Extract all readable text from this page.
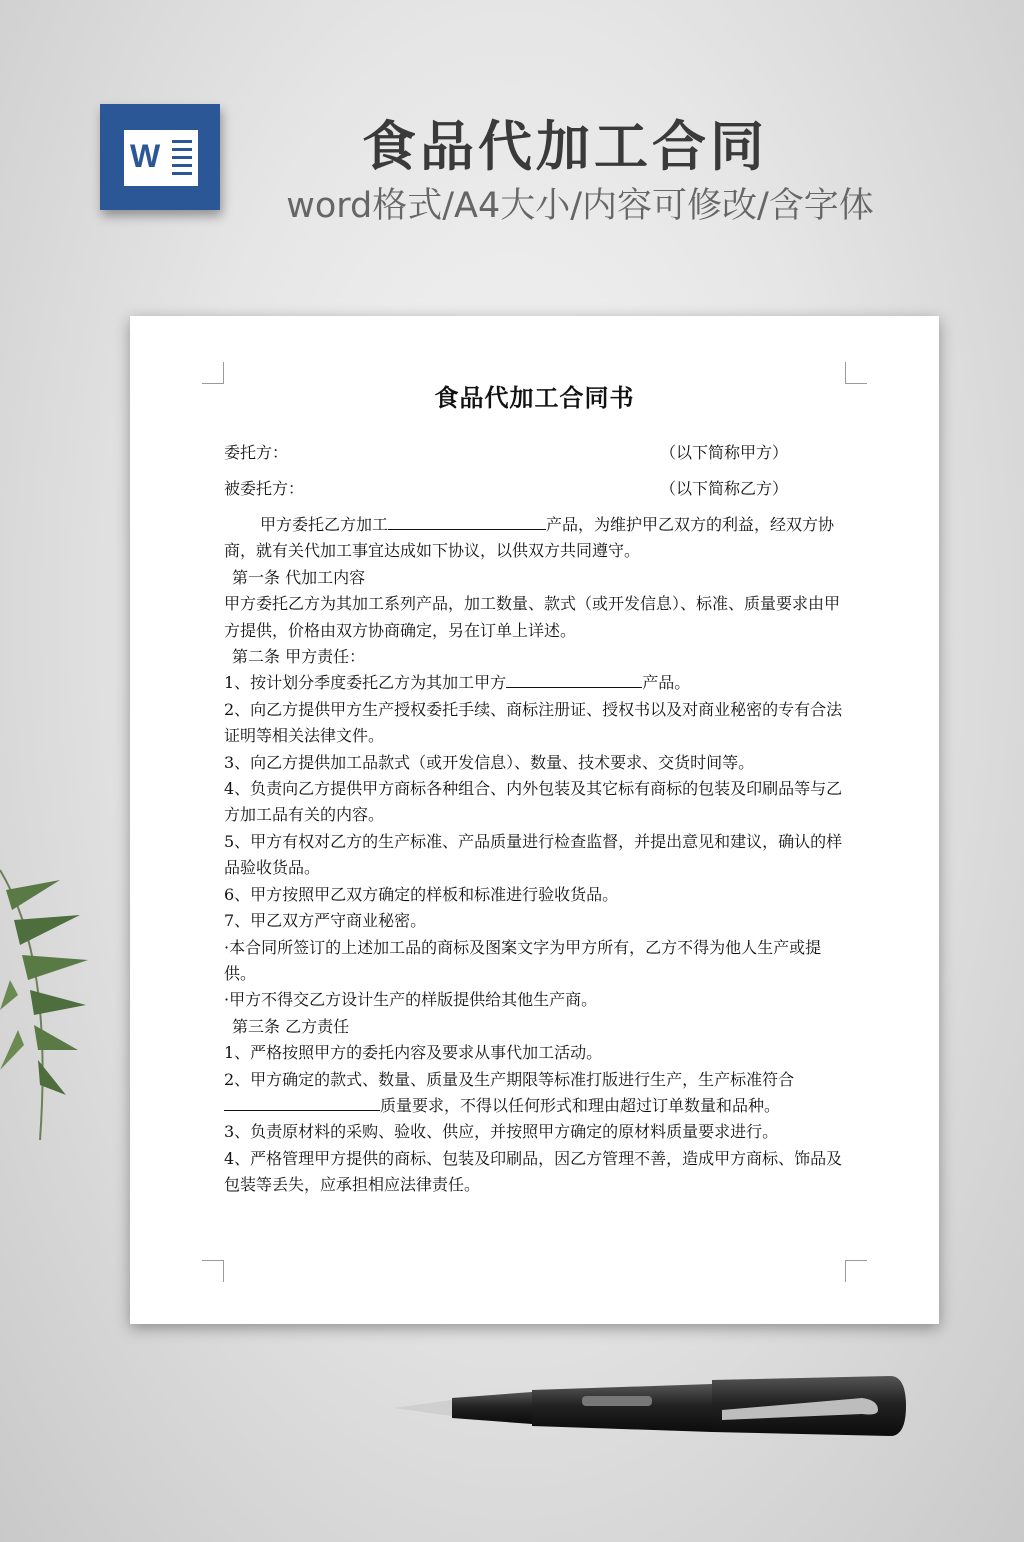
W	食品代加工合同
word格式/A4大小/内容可修改/含字体
食品代加工合同书
委托方：	（以下简称甲方）
被委托方：	（以下简称乙方）

甲方委托乙方加工	产品，为维护甲乙双方的利益，经双方协商，就有关代加工事宜达成如下协议，以供双方共同遵守。

第一条 代加工内容

甲方委托乙方为其加工系列产品，加工数量、款式（或开发信息）、标准、质量要求由甲方提供，价格由双方协商确定，另在订单上详述。

第二条 甲方责任：

1、按计划分季度委托乙方为其加工甲方	产品。

2、向乙方提供甲方生产授权委托手续、商标注册证、授权书以及对商业秘密的专有合法证明等相关法律文件。

3、向乙方提供加工品款式（或开发信息）、数量、技术要求、交货时间等。

4、负责向乙方提供甲方商标各种组合、内外包装及其它标有商标的包装及印刷品等与乙方加工品有关的内容。

5、甲方有权对乙方的生产标准、产品质量进行检查监督，并提出意见和建议，确认的样品验收货品。

6、甲方按照甲乙双方确定的样板和标准进行验收货品。

7、甲乙双方严守商业秘密。

·本合同所签订的上述加工品的商标及图案文字为甲方所有，乙方不得为他人生产或提供。

·甲方不得交乙方设计生产的样版提供给其他生产商。

第三条 乙方责任

1、严格按照甲方的委托内容及要求从事代加工活动。

2、甲方确定的款式、数量、质量及生产期限等标准打版进行生产，生产标准符合质量要求，不得以任何形式和理由超过订单数量和品种。

3、负责原材料的采购、验收、供应，并按照甲方确定的原材料质量要求进行。

4、严格管理甲方提供的商标、包装及印刷品，因乙方管理不善，造成甲方商标、饰品及包装等丢失，应承担相应法律责任。
